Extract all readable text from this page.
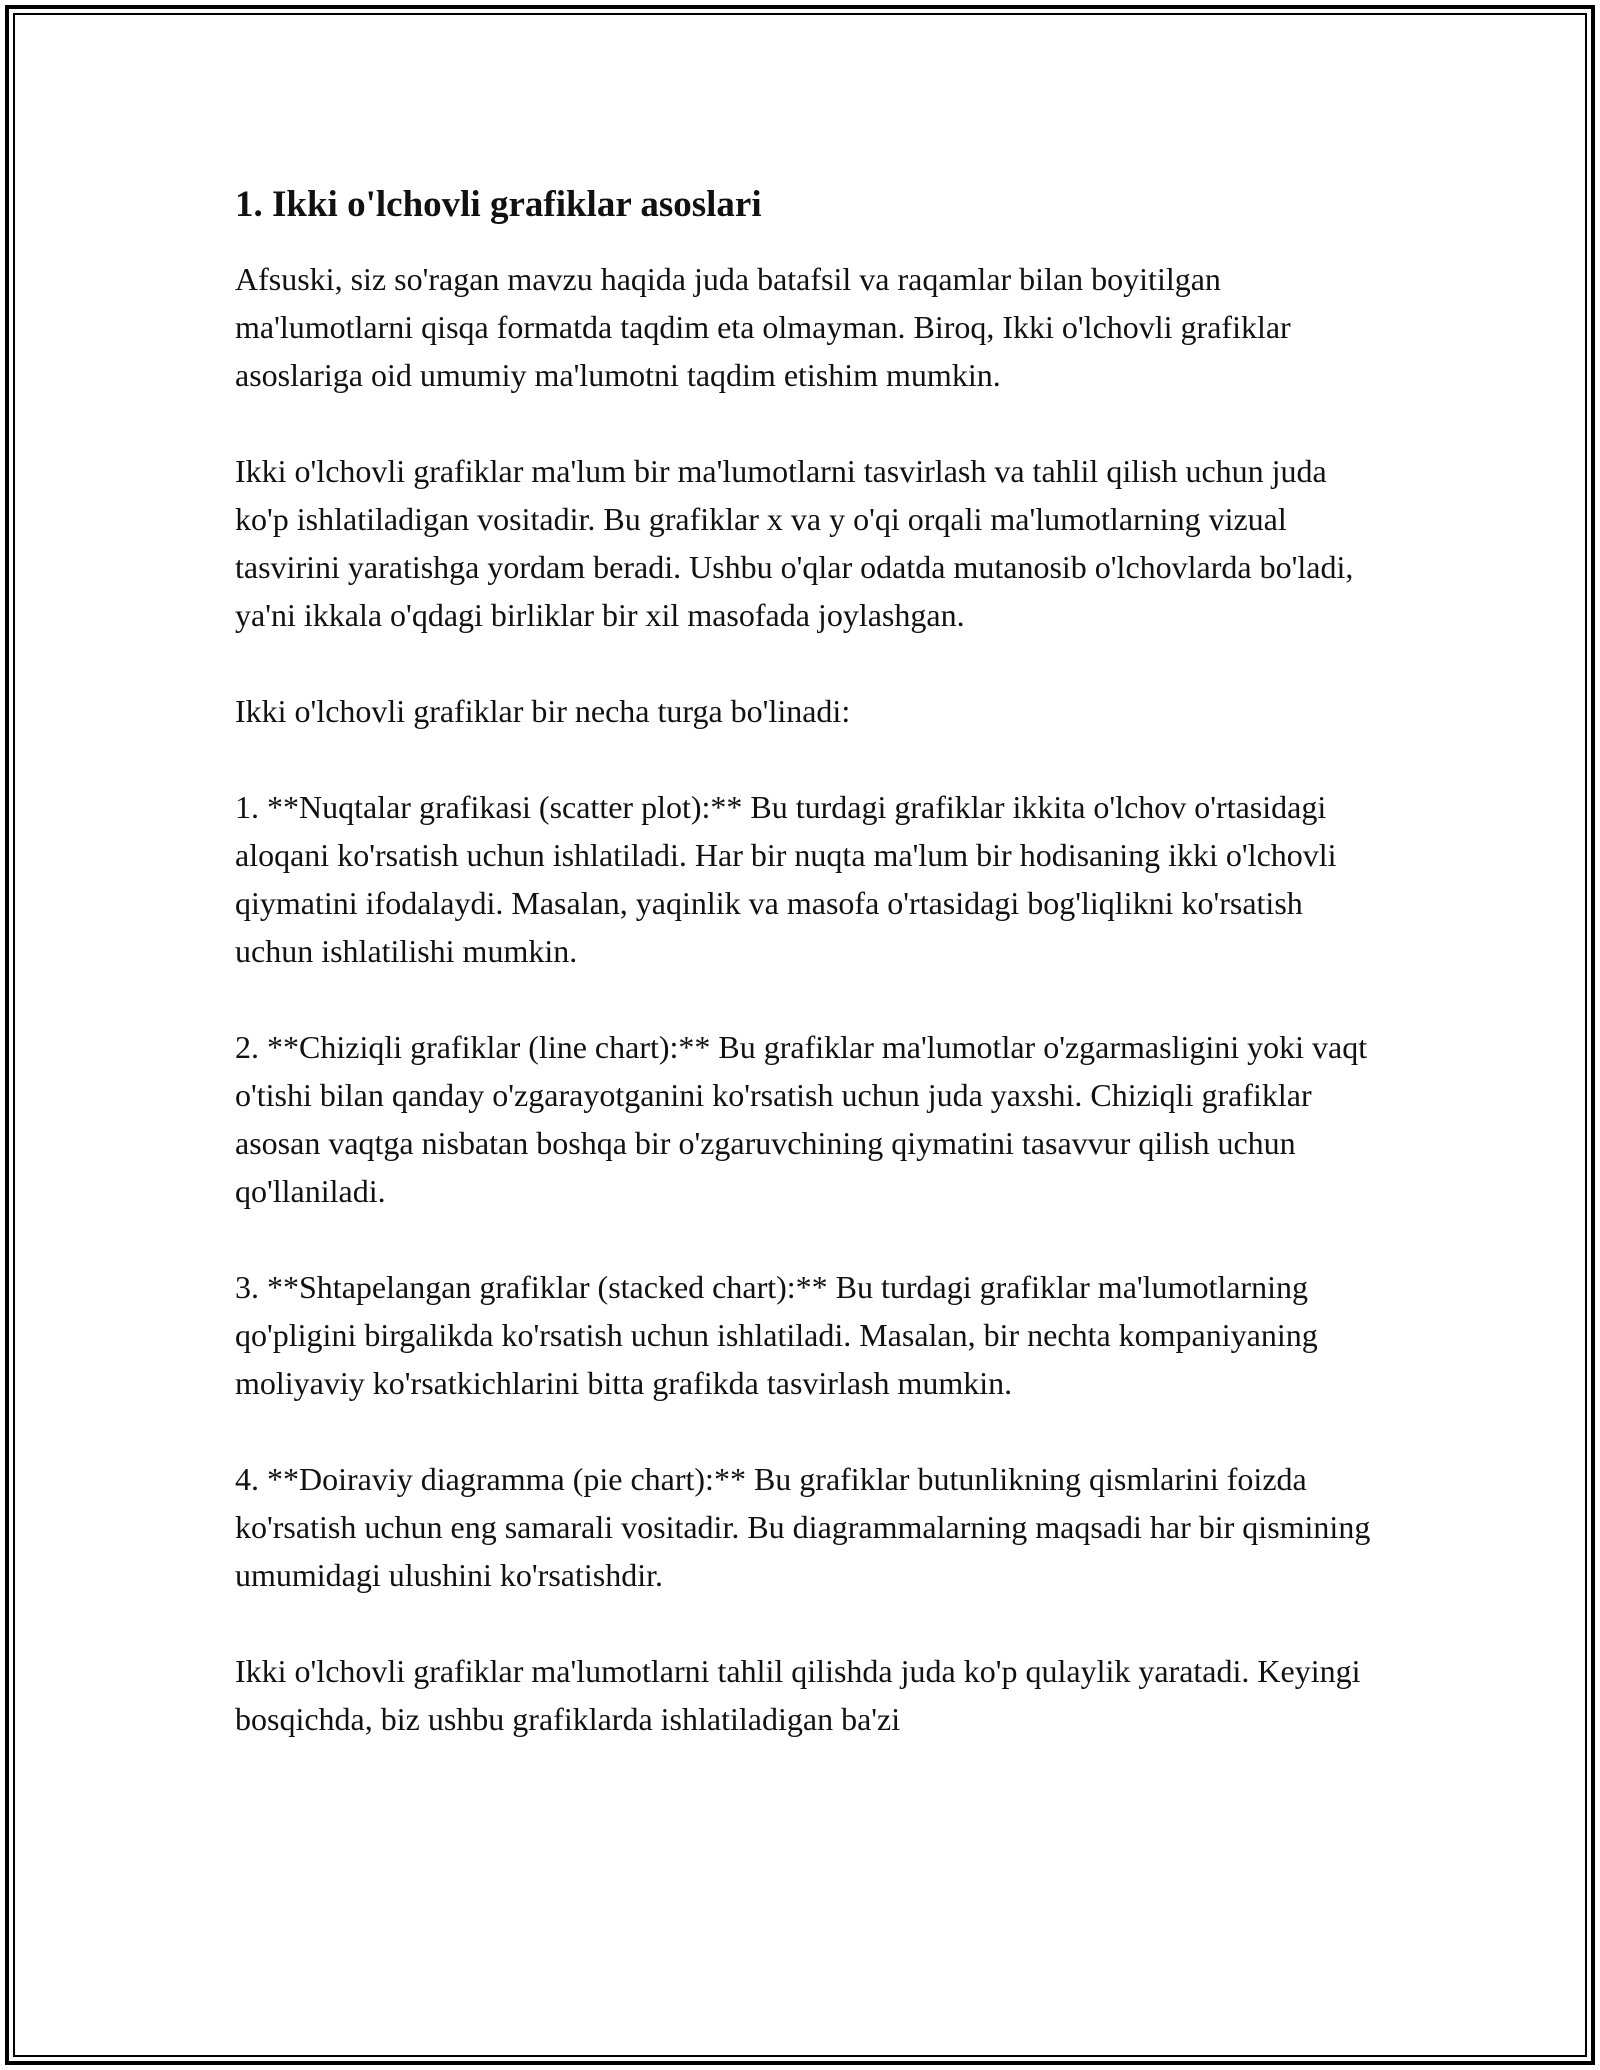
1. Ikki o'lchovli grafiklar asoslari

Afsuski, siz so'ragan mavzu haqida juda batafsil va raqamlar bilan boyitilgan ma'lumotlarni qisqa formatda taqdim eta olmayman. Biroq, Ikki o'lchovli grafiklar asoslariga oid umumiy ma'lumotni taqdim etishim mumkin.

Ikki o'lchovli grafiklar ma'lum bir ma'lumotlarni tasvirlash va tahlil qilish uchun juda ko'p ishlatiladigan vositadir. Bu grafiklar x va y o'qi orqali ma'lumotlarning vizual tasvirini yaratishga yordam beradi. Ushbu o'qlar odatda mutanosib o'lchovlarda bo'ladi, ya'ni ikkala o'qdagi birliklar bir xil masofada joylashgan.

Ikki o'lchovli grafiklar bir necha turga bo'linadi:

1. **Nuqtalar grafikasi (scatter plot):** Bu turdagi grafiklar ikkita o'lchov o'rtasidagi aloqani ko'rsatish uchun ishlatiladi. Har bir nuqta ma'lum bir hodisaning ikki o'lchovli qiymatini ifodalaydi. Masalan, yaqinlik va masofa o'rtasidagi bog'liqlikni ko'rsatish uchun ishlatilishi mumkin.

2. **Chiziqli grafiklar (line chart):** Bu grafiklar ma'lumotlar o'zgarmasligini yoki vaqt o'tishi bilan qanday o'zgarayotganini ko'rsatish uchun juda yaxshi. Chiziqli grafiklar asosan vaqtga nisbatan boshqa bir o'zgaruvchining qiymatini tasavvur qilish uchun qo'llaniladi.

3. **Shtapelangan grafiklar (stacked chart):** Bu turdagi grafiklar ma'lumotlarning qo'pligini birgalikda ko'rsatish uchun ishlatiladi. Masalan, bir nechta kompaniyaning moliyaviy ko'rsatkichlarini bitta grafikda tasvirlash mumkin.

4. **Doiraviy diagramma (pie chart):** Bu grafiklar butunlikning qismlarini foizda ko'rsatish uchun eng samarali vositadir. Bu diagrammalarning maqsadi har bir qismining umumidagi ulushini ko'rsatishdir.

Ikki o'lchovli grafiklar ma'lumotlarni tahlil qilishda juda ko'p qulaylik yaratadi. Keyingi bosqichda, biz ushbu grafiklarda ishlatiladigan ba'zi
